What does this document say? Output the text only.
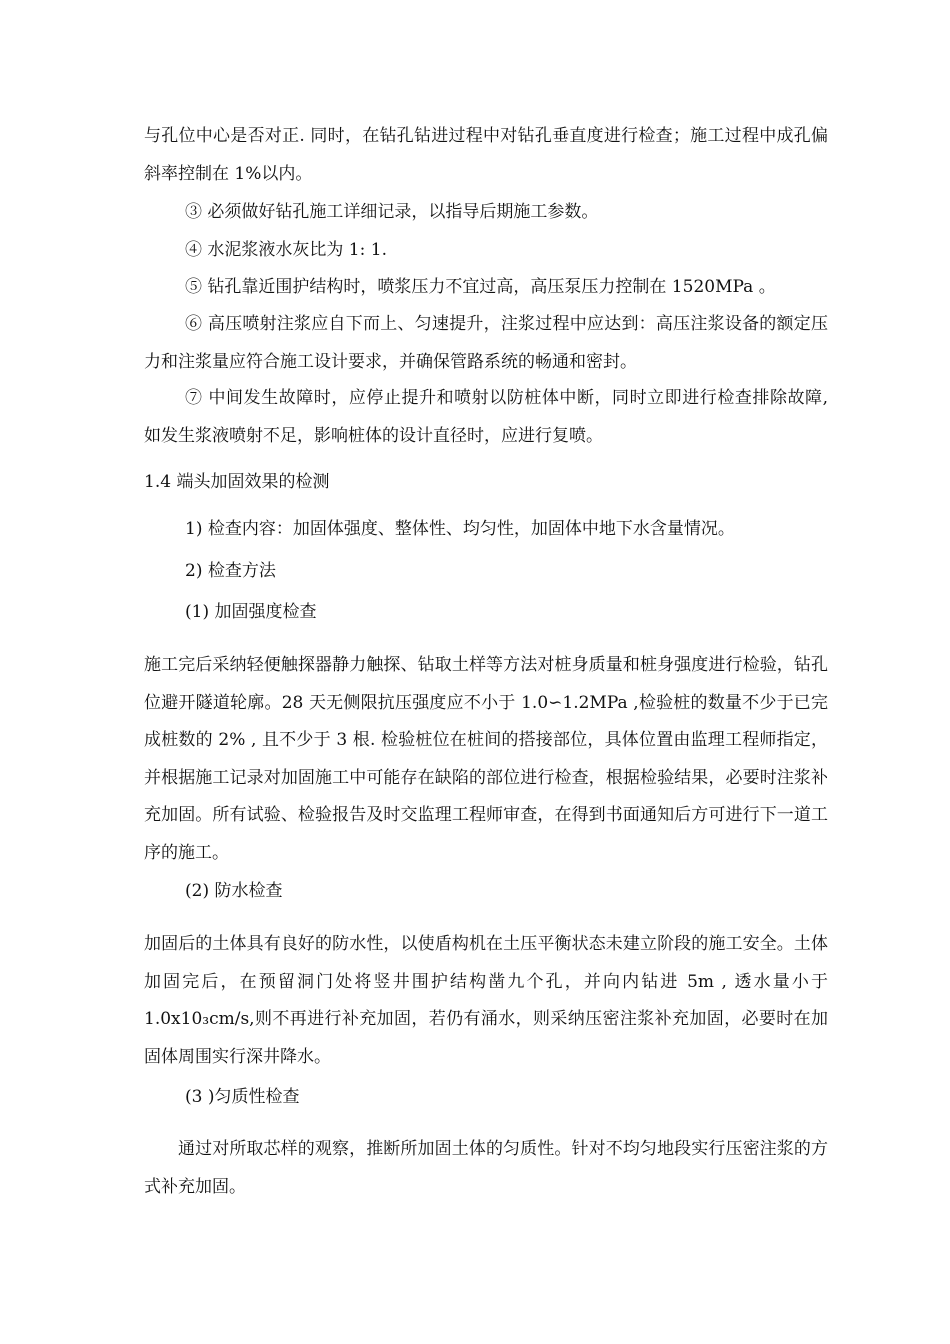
与孔位中心是否对正. 同时，在钻孔钻进过程中对钻孔垂直度进行检查；施工过程中成孔偏斜率控制在 1%以内。

③ 必须做好钻孔施工详细记录，以指导后期施工参数。

④ 水泥浆液水灰比为 1: 1.

⑤ 钻孔靠近围护结构时，喷浆压力不宜过高，高压泵压力控制在 1520MPa 。

⑥ 高压喷射注浆应自下而上、匀速提升，注浆过程中应达到：高压注浆设备的额定压力和注浆量应符合施工设计要求，并确保管路系统的畅通和密封。

⑦ 中间发生故障时，应停止提升和喷射以防桩体中断，同时立即进行检查排除故障, 如发生浆液喷射不足，影响桩体的设计直径时，应进行复喷。

1.4 端头加固效果的检测

1) 检查内容：加固体强度、整体性、均匀性，加固体中地下水含量情况。

2) 检查方法

(1) 加固强度检查

施工完后采纳轻便触探器静力触探、钻取土样等方法对桩身质量和桩身强度进行检验，钻孔位避开隧道轮廓。28 天无侧限抗压强度应不小于 1.0∽1.2MPa ,检验桩的数量不少于已完成桩数的 2% , 且不少于 3 根. 检验桩位在桩间的搭接部位，具体位置由监理工程师指定，并根据施工记录对加固施工中可能存在缺陷的部位进行检查，根据检验结果，必要时注浆补充加固。所有试验、检验报告及时交监理工程师审查，在得到书面通知后方可进行下一道工序的施工。

(2) 防水检查

加固后的土体具有良好的防水性，以使盾构机在土压平衡状态未建立阶段的施工安全。土体加固完后，在预留洞门处将竖井围护结构凿九个孔，并向内钻进 5m , 透水量小于 1.0x10₃cm/s,则不再进行补充加固，若仍有涌水，则采纳压密注浆补充加固，必要时在加固体周围实行深井降水。

(3 )匀质性检查

通过对所取芯样的观察，推断所加固土体的匀质性。针对不均匀地段实行压密注浆的方式补充加固。
